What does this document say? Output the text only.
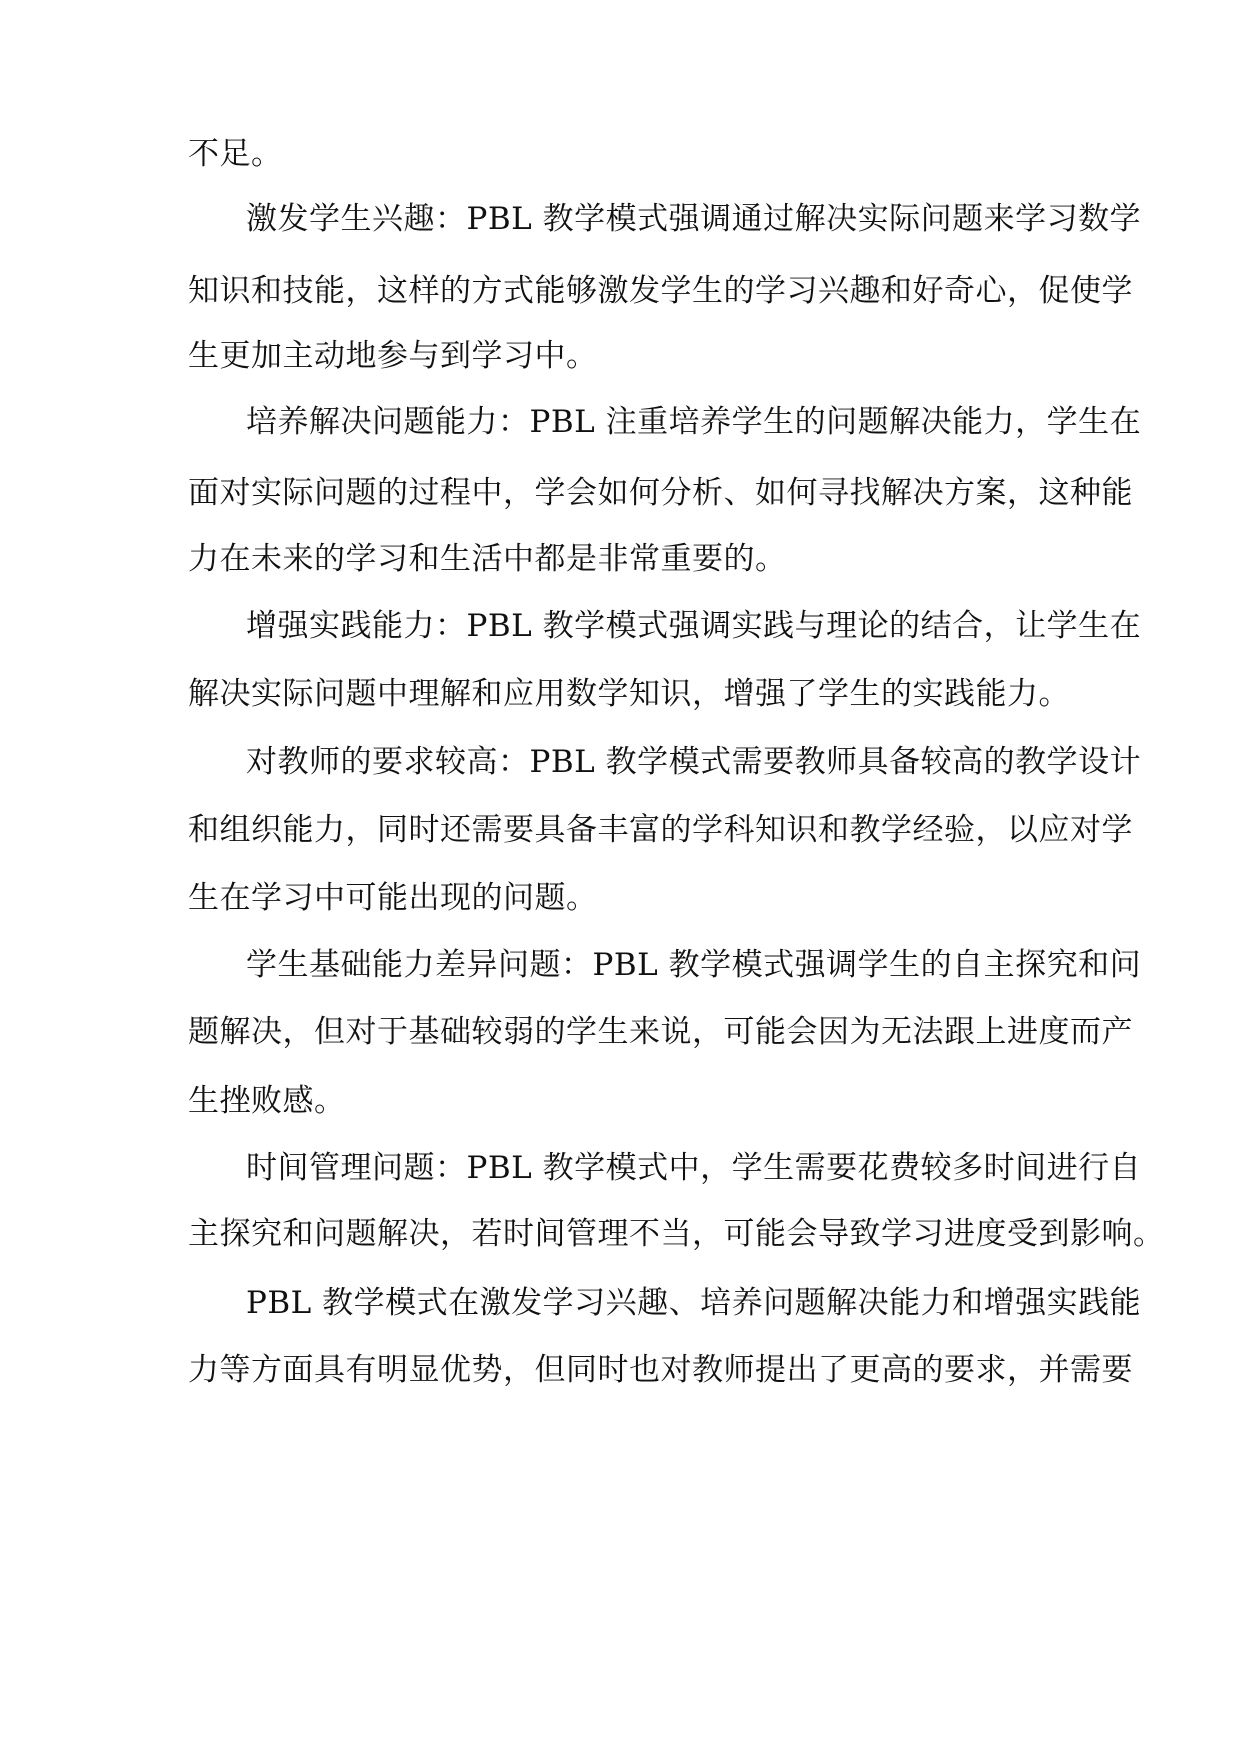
不足。
激发学生兴趣：PBL 教学模式强调通过解决实际问题来学习数学
知识和技能，这样的方式能够激发学生的学习兴趣和好奇心，促使学
生更加主动地参与到学习中。
培养解决问题能力：PBL 注重培养学生的问题解决能力，学生在
面对实际问题的过程中，学会如何分析、如何寻找解决方案，这种能
力在未来的学习和生活中都是非常重要的。
增强实践能力：PBL 教学模式强调实践与理论的结合，让学生在
解决实际问题中理解和应用数学知识，增强了学生的实践能力。
对教师的要求较高：PBL 教学模式需要教师具备较高的教学设计
和组织能力，同时还需要具备丰富的学科知识和教学经验，以应对学
生在学习中可能出现的问题。
学生基础能力差异问题：PBL 教学模式强调学生的自主探究和问
题解决，但对于基础较弱的学生来说，可能会因为无法跟上进度而产
生挫败感。
时间管理问题：PBL 教学模式中，学生需要花费较多时间进行自
主探究和问题解决，若时间管理不当，可能会导致学习进度受到影响。
PBL 教学模式在激发学习兴趣、培养问题解决能力和增强实践能
力等方面具有明显优势，但同时也对教师提出了更高的要求，并需要
